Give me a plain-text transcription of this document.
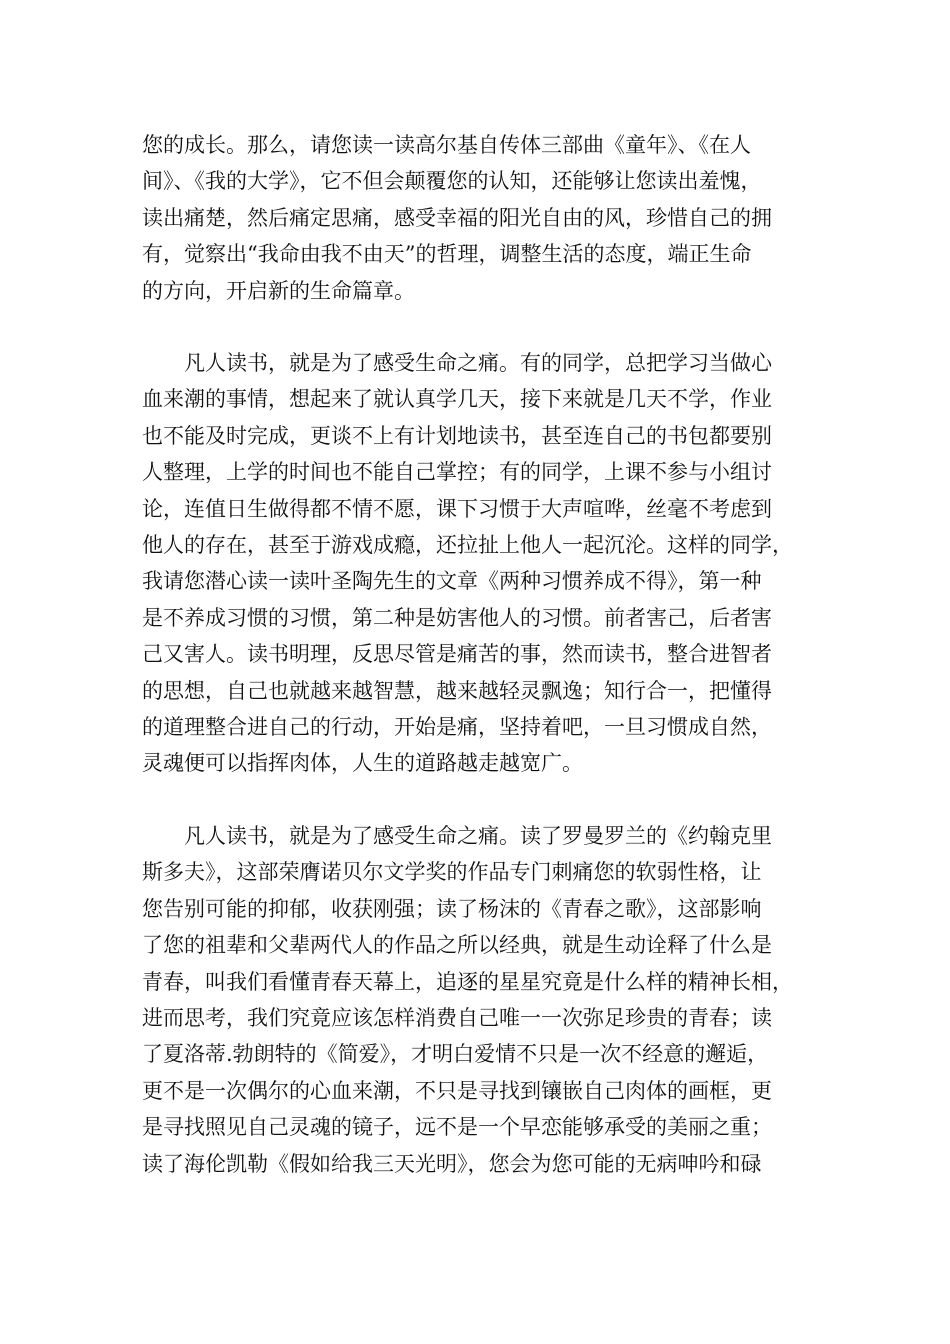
您的成长。那么，请您读一读高尔基自传体三部曲《童年》、《在人
间》、《我的大学》，它不但会颠覆您的认知，还能够让您读出羞愧，
读出痛楚，然后痛定思痛，感受幸福的阳光自由的风，珍惜自己的拥
有，觉察出“我命由我不由天”的哲理，调整生活的态度，端正生命
的方向，开启新的生命篇章。
　　凡人读书，就是为了感受生命之痛。有的同学，总把学习当做心
血来潮的事情，想起来了就认真学几天，接下来就是几天不学，作业
也不能及时完成，更谈不上有计划地读书，甚至连自己的书包都要别
人整理，上学的时间也不能自己掌控；有的同学，上课不参与小组讨
论，连值日生做得都不情不愿，课下习惯于大声喧哗，丝毫不考虑到
他人的存在，甚至于游戏成瘾，还拉扯上他人一起沉沦。这样的同学，
我请您潜心读一读叶圣陶先生的文章《两种习惯养成不得》，第一种
是不养成习惯的习惯，第二种是妨害他人的习惯。前者害己，后者害
己又害人。读书明理，反思尽管是痛苦的事，然而读书，整合进智者
的思想，自己也就越来越智慧，越来越轻灵飘逸；知行合一，把懂得
的道理整合进自己的行动，开始是痛，坚持着吧，一旦习惯成自然，
灵魂便可以指挥肉体，人生的道路越走越宽广。
　　凡人读书，就是为了感受生命之痛。读了罗曼罗兰的《约翰克里
斯多夫》，这部荣膺诺贝尔文学奖的作品专门刺痛您的软弱性格，让
您告别可能的抑郁，收获刚强；读了杨沫的《青春之歌》，这部影响
了您的祖辈和父辈两代人的作品之所以经典，就是生动诠释了什么是
青春，叫我们看懂青春天幕上，追逐的星星究竟是什么样的精神长相，
进而思考，我们究竟应该怎样消费自己唯一一次弥足珍贵的青春；读
了夏洛蒂.勃朗特的《简爱》，才明白爱情不只是一次不经意的邂逅，
更不是一次偶尔的心血来潮，不只是寻找到镶嵌自己肉体的画框，更
是寻找照见自己灵魂的镜子，远不是一个早恋能够承受的美丽之重；
读了海伦凯勒《假如给我三天光明》，您会为您可能的无病呻吟和碌
